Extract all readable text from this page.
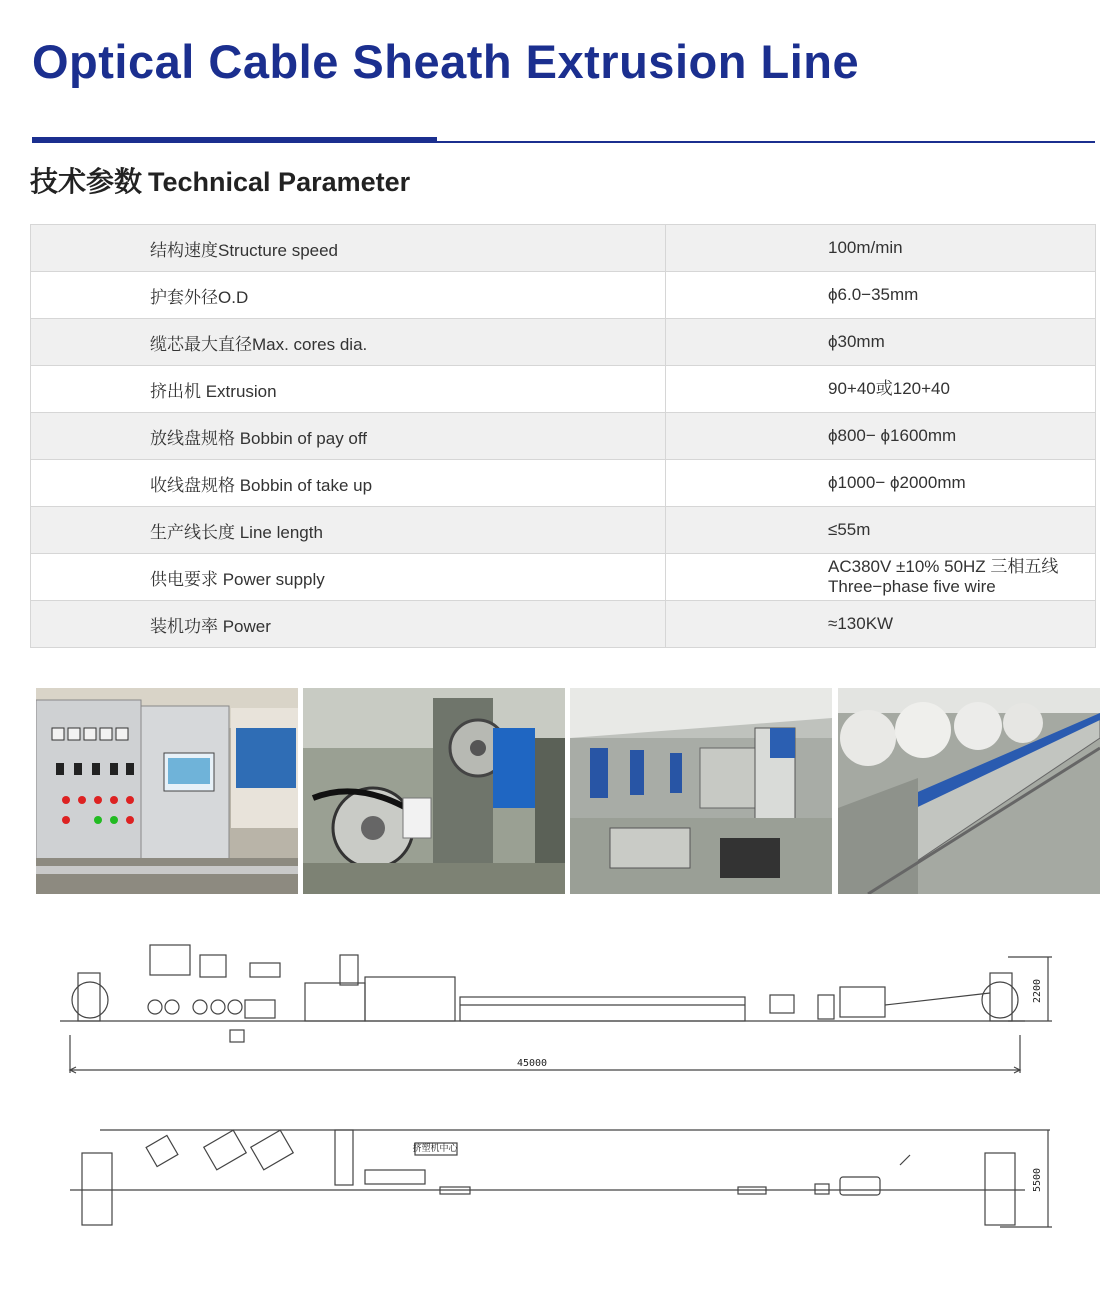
Optical Cable Sheath Extrusion Line
技术参数 Technical Parameter
结构速度Structure speed	100m/min
护套外径O.D	ϕ6.0−35mm
缆芯最大直径Max. cores dia.	ϕ30mm
挤出机 Extrusion	90+40或120+40
放线盘规格 Bobbin of pay off	ϕ800− ϕ1600mm
收线盘规格 Bobbin of take up	ϕ1000− ϕ2000mm
生产线长度 Line length	≤55m
供电要求 Power supply	AC380V ±10% 50HZ 三相五线
Three−phase five wire

装机功率 Power	≈130KW
45000
2200
5500
挤塑机中心
